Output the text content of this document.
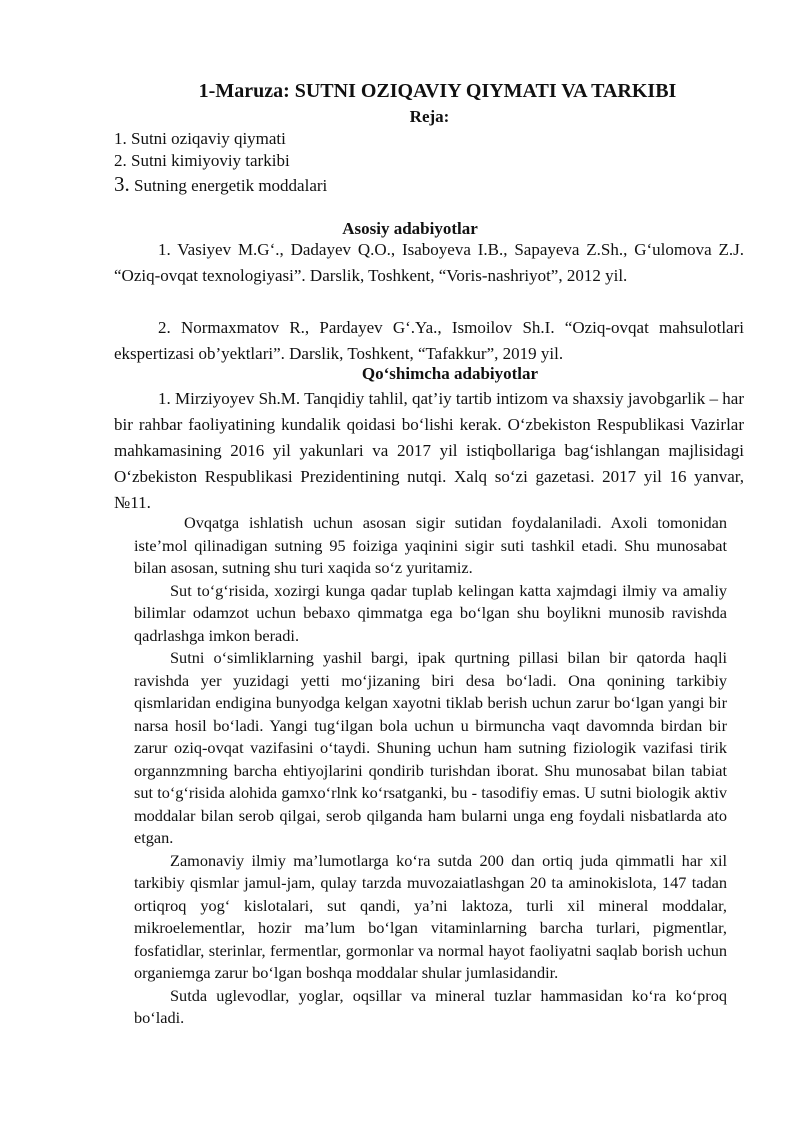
1-Maruza: SUTNI OZIQAVIY QIYMATI VA TARKIBI
Reja:
1. Sutni oziqaviy qiymati
2. Sutni kimiyoviy tarkibi
3. Sutning energetik moddalari
Asosiy adabiyotlar
1. Vasiyev M.G‘., Dadayev Q.O., Isaboyeva I.B., Sapayeva Z.Sh., G‘ulomova Z.J. “Oziq-ovqat texnologiyasi”. Darslik, Toshkent, “Voris-nashriyot”, 2012 yil.
2. Normaxmatov R., Pardayev G‘.Ya., Ismoilov Sh.I. “Oziq-ovqat mahsulotlari ekspertizasi ob’yektlari”. Darslik, Toshkent, “Tafakkur”, 2019 yil.
Qo‘shimcha adabiyotlar
1. Mirziyoyev Sh.M. Tanqidiy tahlil, qat’iy tartib intizom va shaxsiy javobgarlik – har bir rahbar faoliyatining kundalik qoidasi bo‘lishi kerak. O‘zbekiston Respublikasi Vazirlar mahkamasining 2016 yil yakunlari va 2017 yil istiqbollariga bag‘ishlangan majlisidagi O‘zbekiston Respublikasi Prezidentining nutqi. Xalq so‘zi gazetasi. 2017 yil 16 yanvar, №11.

Ovqatga ishlatish uchun asosan sigir sutidan foydalaniladi. Axoli tomonidan iste’mol qilinadigan sutning 95 foiziga yaqinini sigir suti tashkil etadi. Shu munosabat bilan asosan, sutning shu turi xaqida so‘z yuritamiz.

Sut to‘g‘risida, xozirgi kunga qadar tuplab kelingan katta xajmdagi ilmiy va amaliy bilimlar odamzot uchun bebaxo qimmatga ega bo‘lgan shu boylikni munosib ravishda qadrlashga imkon beradi.

Sutni o‘simliklarning yashil bargi, ipak qurtning pillasi bilan bir qatorda haqli ravishda yer yuzidagi yetti mo‘jizaning biri desa bo‘ladi. Ona qonining tarkibiy qismlaridan endigina bunyodga kelgan xayotni tiklab berish uchun zarur bo‘lgan yangi bir narsa hosil bo‘ladi. Yangi tug‘ilgan bola uchun u birmuncha vaqt davomnda birdan bir zarur oziq-ovqat vazifasini o‘taydi. Shuning uchun ham sutning fiziologik vazifasi tirik organnzmning barcha ehtiyojlarini qondirib turishdan iborat. Shu munosabat bilan tabiat sut to‘g‘risida alohida gamxo‘rlnk ko‘rsatganki, bu - tasodifiy emas. U sutni biologik aktiv moddalar bilan serob qilgai, serob qilganda ham bularni unga eng foydali nisbatlarda ato etgan.

Zamonaviy ilmiy ma’lumotlarga ko‘ra sutda 200 dan ortiq juda qimmatli har xil tarkibiy qismlar jamul-jam, qulay tarzda muvozaiatlashgan 20 ta aminokislota, 147 tadan ortiqroq yog‘ kislotalari, sut qandi, ya’ni laktoza, turli xil mineral moddalar, mikroelementlar, hozir ma’lum bo‘lgan vitaminlarning barcha turlari, pigmentlar, fosfatidlar, sterinlar, fermentlar, gormonlar va normal hayot faoliyatni saqlab borish uchun organiemga zarur bo‘lgan boshqa moddalar shular jumlasidandir.

Sutda uglevodlar, yoglar, oqsillar va mineral tuzlar hammasidan ko‘ra ko‘proq bo‘ladi.
